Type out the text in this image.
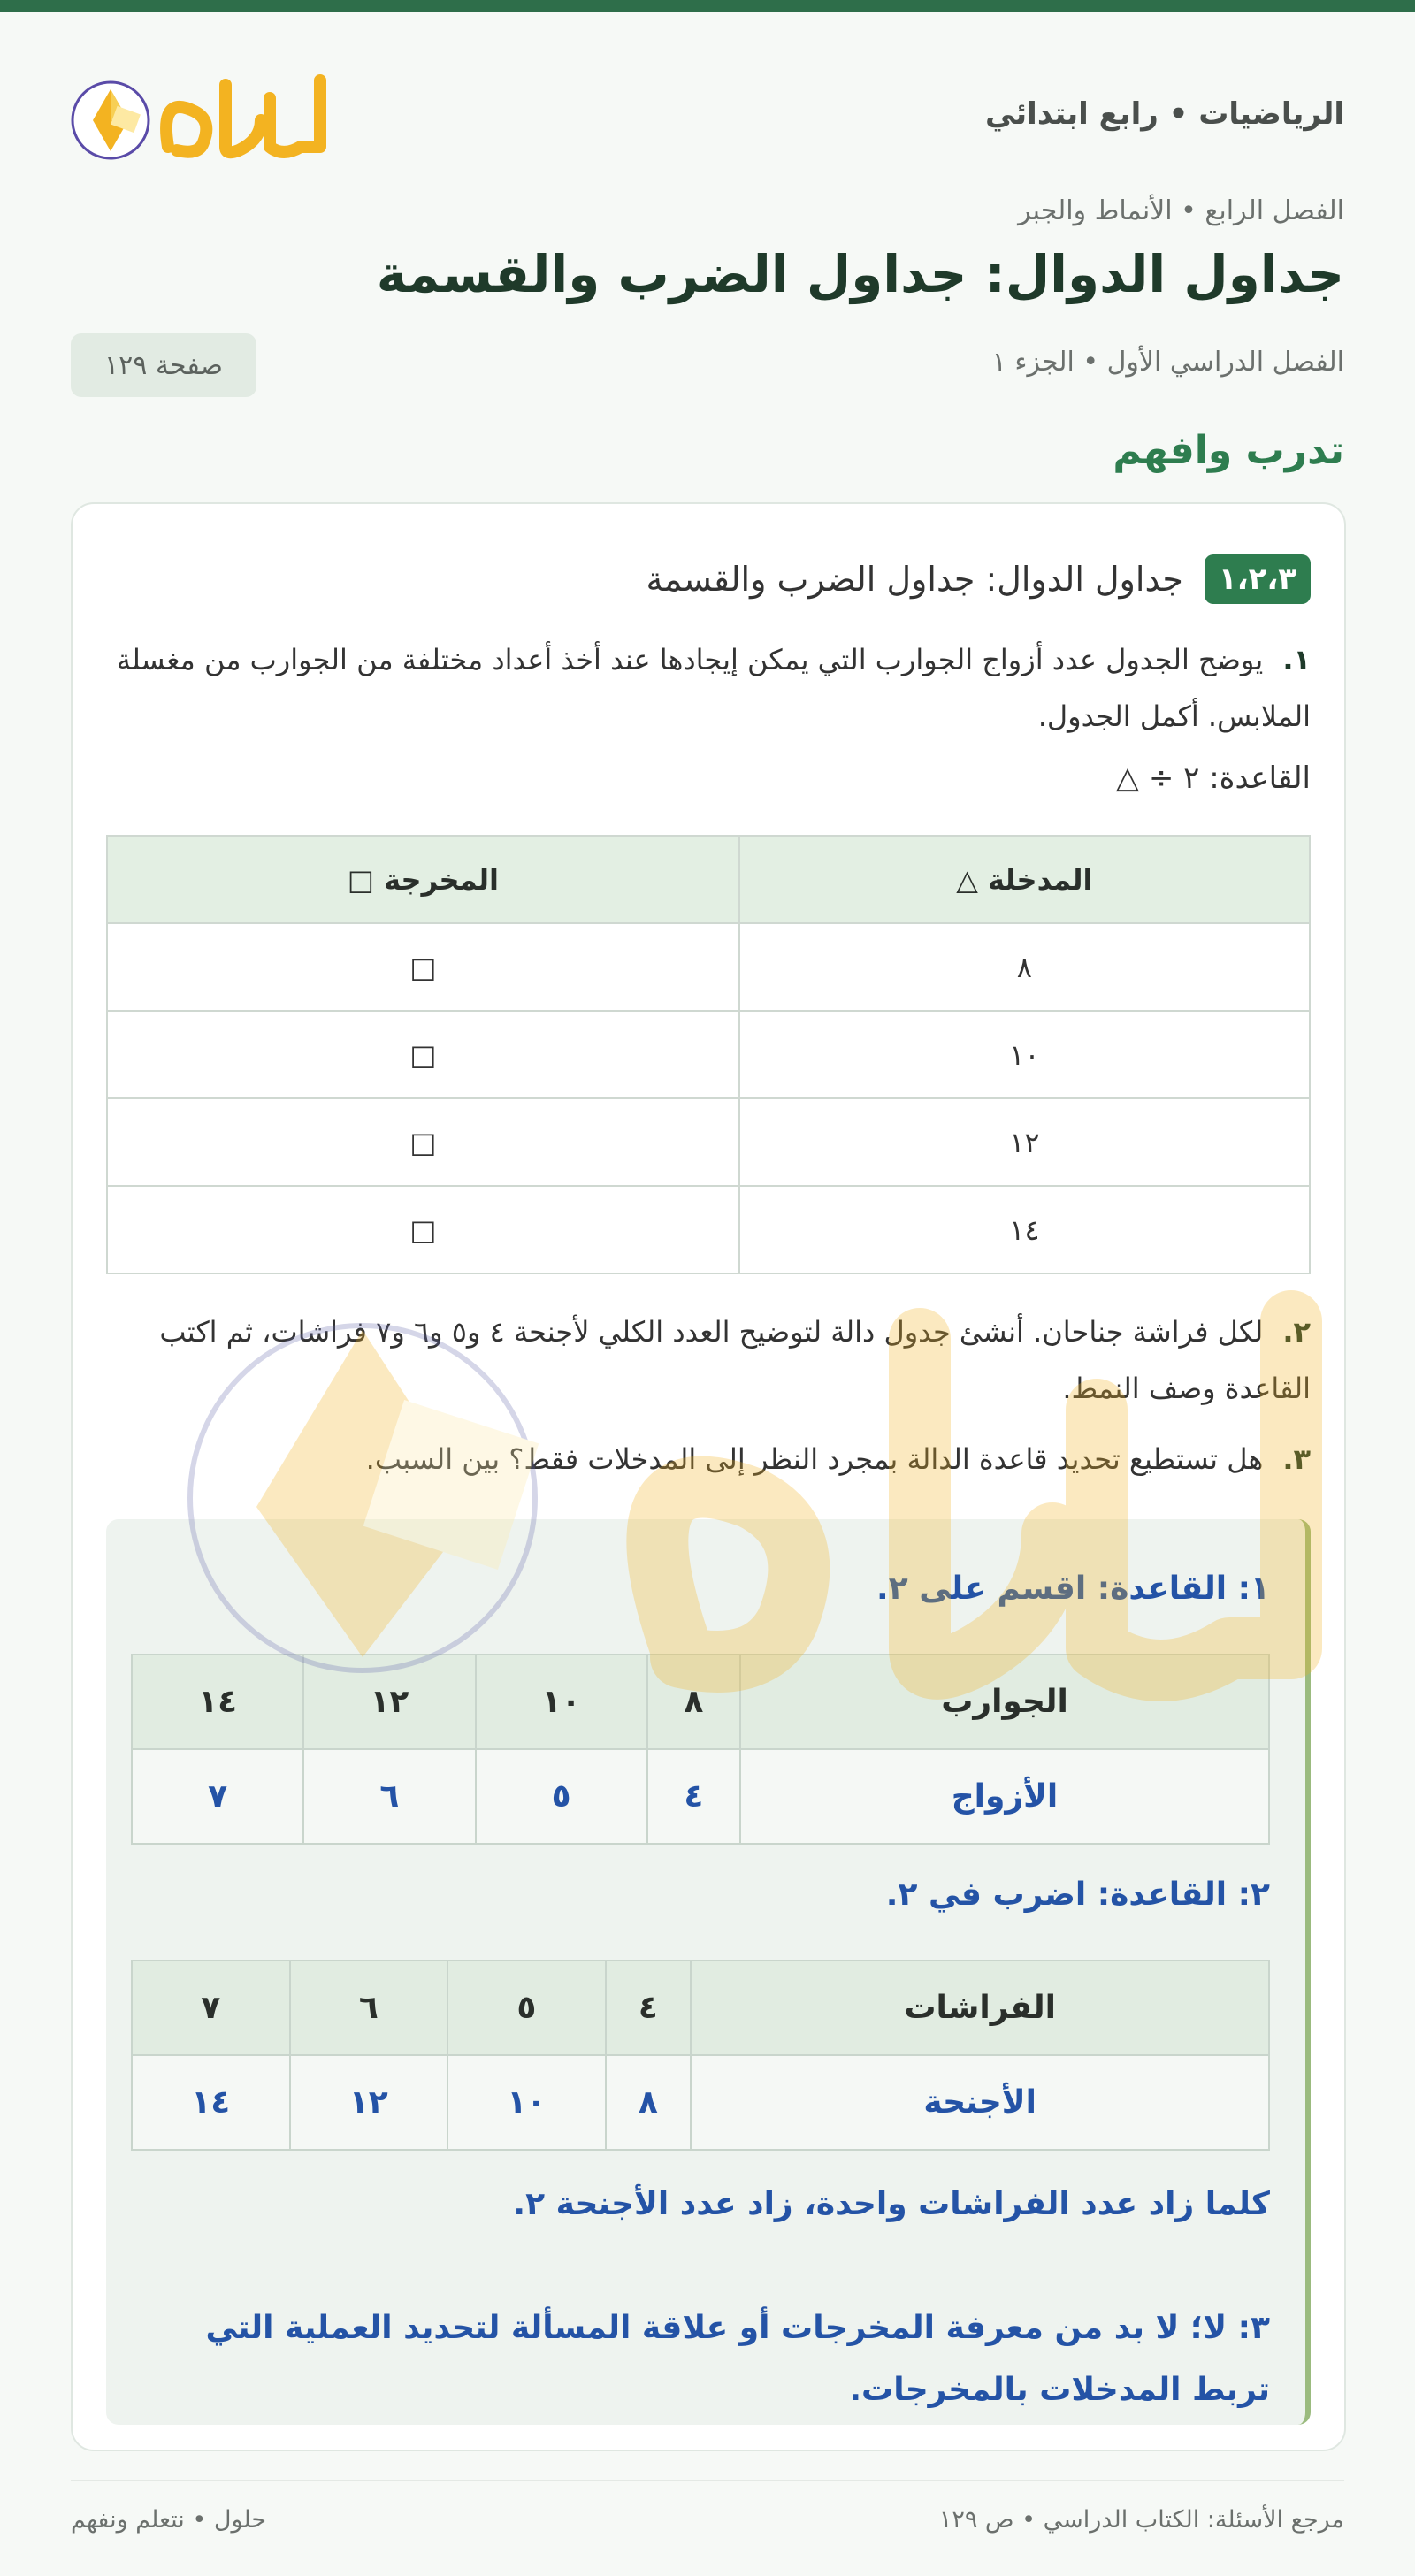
الرياضيات • رابع ابتدائي
الفصل الرابع • الأنماط والجبر
جداول الدوال: جداول الضرب والقسمة
الفصل الدراسي الأول • الجزء ١
صفحة ١٢٩
تدرب وافهم
١،٢،٣
جداول الدوال: جداول الضرب والقسمة
١.يوضح الجدول عدد أزواج الجوارب التي يمكن إيجادها عند أخذ أعداد مختلفة من الجوارب من مغسلة الملابس. أكمل الجدول.
القاعدة: ٢ ÷ △
المدخلة △	المخرجة □
٨	□
١٠	□
١٢	□
١٤	□
٢.لكل فراشة جناحان. أنشئ جدول دالة لتوضيح العدد الكلي لأجنحة ٤ و٥ و٦ و٧ فراشات، ثم اكتب القاعدة وصف النمط.
٣.هل تستطيع تحديد قاعدة الدالة بمجرد النظر إلى المدخلات فقط؟ بين السبب.
١: القاعدة: اقسم على ٢.
الجوارب	٨	١٠	١٢	١٤
الأزواج	٤	٥	٦	٧
٢: القاعدة: اضرب في ٢.
الفراشات	٤	٥	٦	٧
الأجنحة	٨	١٠	١٢	١٤
كلما زاد عدد الفراشات واحدة، زاد عدد الأجنحة ٢.
٣: لا؛ لا بد من معرفة المخرجات أو علاقة المسألة لتحديد العملية التي تربط المدخلات بالمخرجات.
مرجع الأسئلة: الكتاب الدراسي • ص ١٢٩
حلول • نتعلم ونفهم
